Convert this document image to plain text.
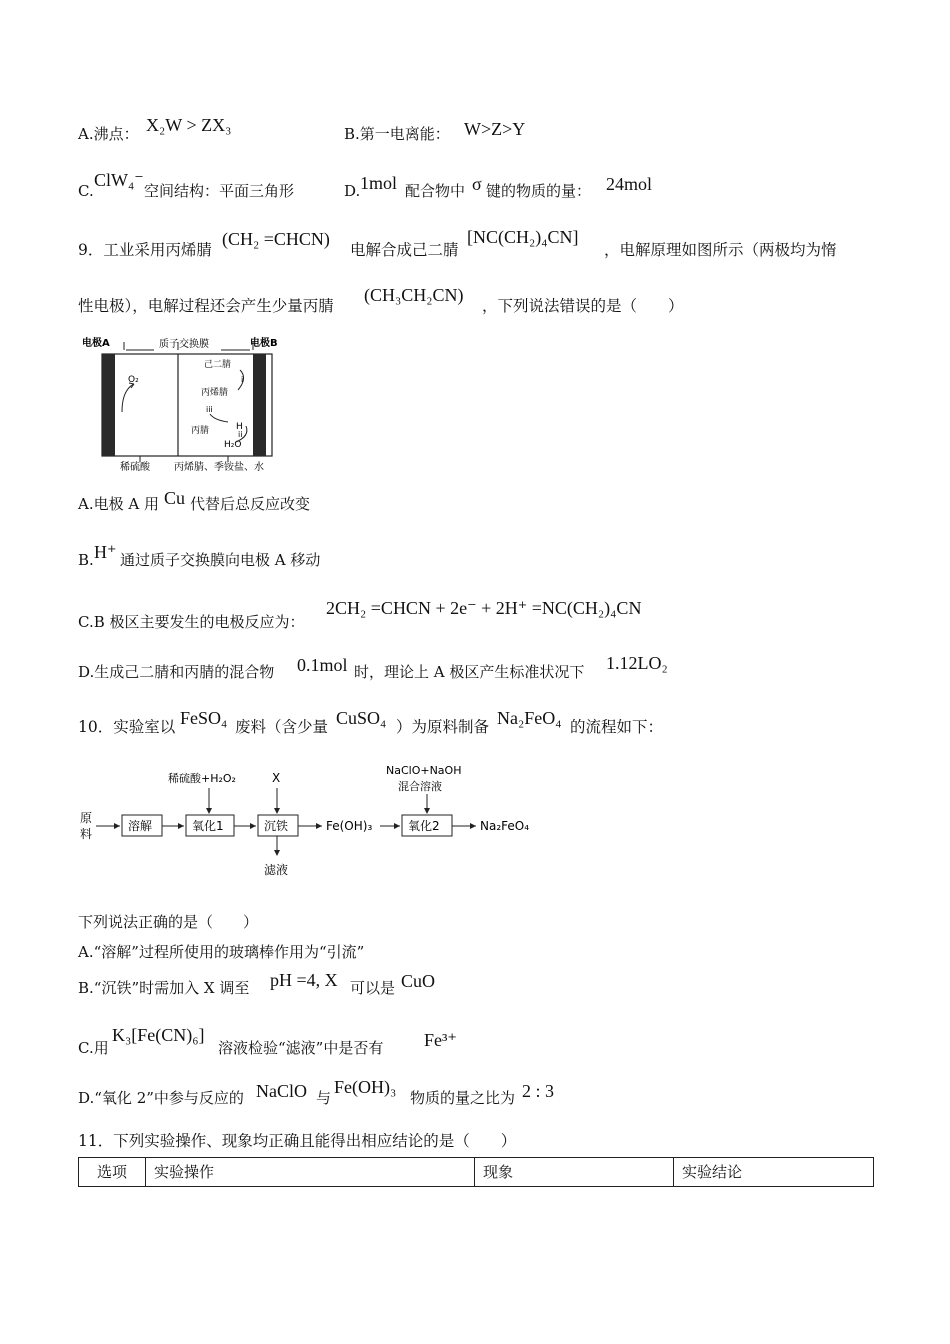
A.沸点： X₂W > ZX₃	B.第一电离能： W>Z>Y
C.
ClW₄⁻
空间结构：平面三角形	D. 1mol 配合物中 σ 键的物质的量： 24mol
9．工业采用丙烯腈
(CH₂ =CHCN)
电解合成己二腈
[NC(CH₂)₄CN]
，电解原理如图所示（两极均为惰
性电极），电解过程还会产生少量丙腈
(CH₃CH₂CN)
，下列说法错误的是（　　）
电极A	质子交换膜	电极B
O₂
己二腈
丙烯腈
丙腈	H
H₂O
i
ii
iii
稀硫酸 丙烯腈、季铵盐、水
A.电极 A 用 Cu 代替后总反应改变
B. H⁺ 通过质子交换膜向电极 A 移动
C.B 极区主要发生的电极反应为：
2CH₂ =CHCN + 2e⁻ + 2H⁺ =NC(CH₂)₄CN
D.生成己二腈和丙腈的混合物 0.1mol 时，理论上 A 极区产生标准状况下 1.12LO₂
10．实验室以 FeSO₄ 废料（含少量 CuSO₄ ）为原料制备 Na₂FeO₄ 的流程如下：
原
料
溶解
稀硫酸+H₂O₂
氧化1
X
沉铁
滤液
Fe(OH)₃
NaClO+NaOH
混合溶液
氧化2	Na₂FeO₄
下列说法正确的是（　　）
A.“溶解”过程所使用的玻璃棒作用为“引流”
B.“沉铁”时需加入 X 调至 pH =4, X 可以是 CuO
C.用
K₃[Fe(CN)₆]
溶液检验“滤液”中是否有 Fe³⁺
D.“氧化 2”中参与反应的 NaClO 与
Fe(OH)₃
物质的量之比为 2 : 3
11．下列实验操作、现象均正确且能得出相应结论的是（　　）
选项	实验操作	现象	实验结论
